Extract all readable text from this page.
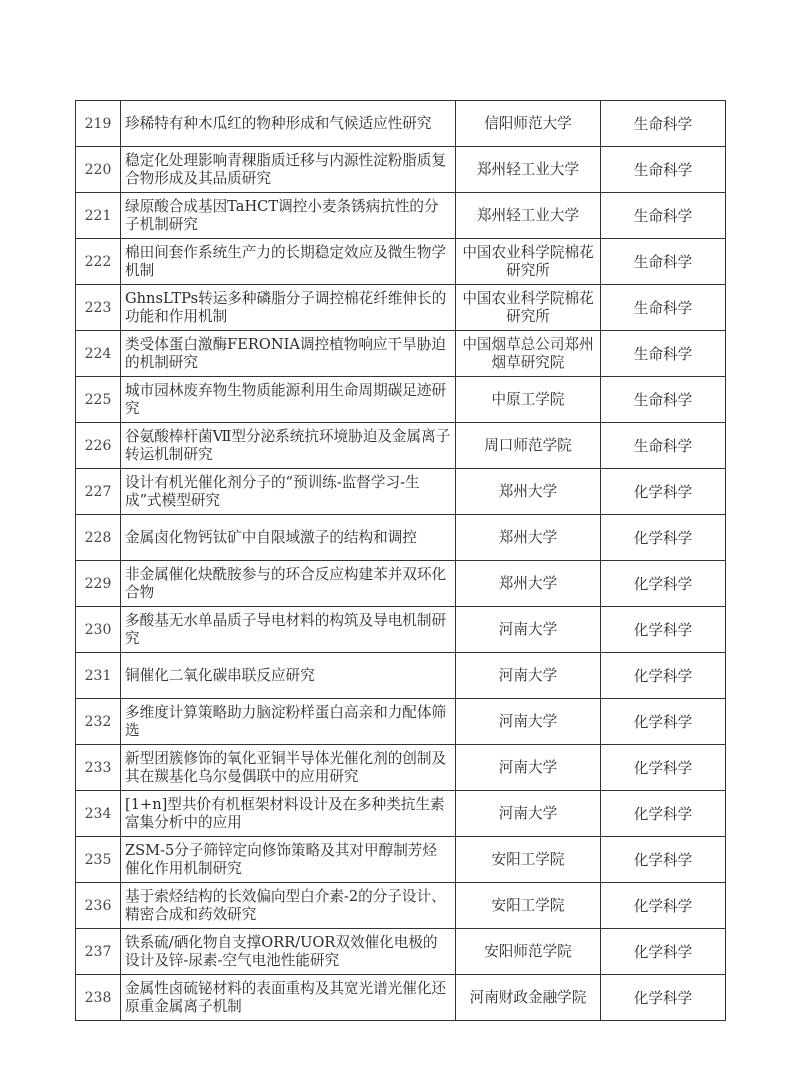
219	珍稀特有种木瓜红的物种形成和气候适应性研究	信阳师范大学	生命科学
220	稳定化处理影响青稞脂质迁移与内源性淀粉脂质复合物形成及其品质研究	郑州轻工业大学	生命科学
221	绿原酸合成基因TaHCT调控小麦条锈病抗性的分子机制研究	郑州轻工业大学	生命科学
222	棉田间套作系统生产力的长期稳定效应及微生物学机制	中国农业科学院棉花研究所	生命科学
223	GhnsLTPs转运多种磷脂分子调控棉花纤维伸长的功能和作用机制	中国农业科学院棉花研究所	生命科学
224	类受体蛋白激酶FERONIA调控植物响应干旱胁迫的机制研究	中国烟草总公司郑州烟草研究院	生命科学
225	城市园林废弃物生物质能源利用生命周期碳足迹研究	中原工学院	生命科学
226	谷氨酸棒杆菌Ⅶ型分泌系统抗环境胁迫及金属离子转运机制研究	周口师范学院	生命科学
227	设计有机光催化剂分子的“预训练-监督学习-生成”式模型研究	郑州大学	化学科学
228	金属卤化物钙钛矿中自限域激子的结构和调控	郑州大学	化学科学
229	非金属催化炔酰胺参与的环合反应构建苯并双环化合物	郑州大学	化学科学
230	多酸基无水单晶质子导电材料的构筑及导电机制研究	河南大学	化学科学
231	铜催化二氧化碳串联反应研究	河南大学	化学科学
232	多维度计算策略助力脑淀粉样蛋白高亲和力配体筛选	河南大学	化学科学
233	新型团簇修饰的氧化亚铜半导体光催化剂的创制及其在羰基化乌尔曼偶联中的应用研究	河南大学	化学科学
234	[1+n]型共价有机框架材料设计及在多种类抗生素富集分析中的应用	河南大学	化学科学
235	ZSM-5分子筛锌定向修饰策略及其对甲醇制芳烃催化作用机制研究	安阳工学院	化学科学
236	基于索烃结构的长效偏向型白介素-2的分子设计、精密合成和药效研究	安阳工学院	化学科学
237	铁系硫/硒化物自支撑ORR/UOR双效催化电极的设计及锌-尿素-空气电池性能研究	安阳师范学院	化学科学
238	金属性卤硫铋材料的表面重构及其宽光谱光催化还原重金属离子机制	河南财政金融学院	化学科学
